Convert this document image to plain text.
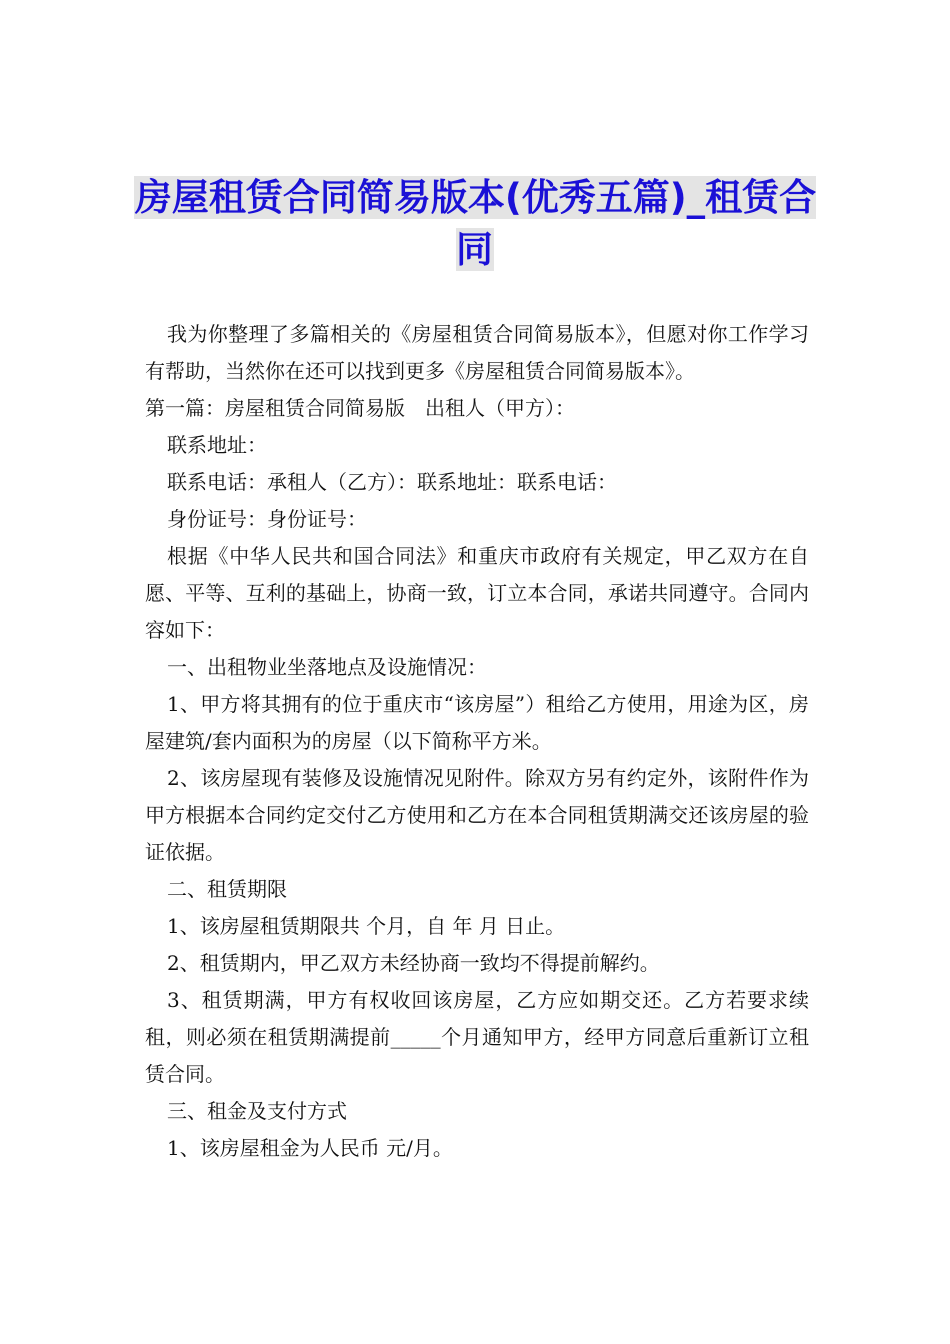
房屋租赁合同简易版本(优秀五篇)_租赁合同

我为你整理了多篇相关的《房屋租赁合同简易版本》，但愿对你工作学习有帮助，当然你在还可以找到更多《房屋租赁合同简易版本》。

第一篇：房屋租赁合同简易版　出租人（甲方）：

联系地址：

联系电话：承租人（乙方）：联系地址：联系电话：

身份证号：身份证号：

根据《中华人民共和国合同法》和重庆市政府有关规定，甲乙双方在自愿、平等、互利的基础上，协商一致，订立本合同，承诺共同遵守。合同内容如下：

一、出租物业坐落地点及设施情况：

1、甲方将其拥有的位于重庆市“该房屋”）租给乙方使用，用途为区，房屋建筑/套内面积为的房屋（以下简称平方米。

2、该房屋现有装修及设施情况见附件。除双方另有约定外，该附件作为甲方根据本合同约定交付乙方使用和乙方在本合同租赁期满交还该房屋的验证依据。

二、租赁期限

1、该房屋租赁期限共 个月，自 年 月 日止。

2、租赁期内，甲乙双方未经协商一致均不得提前解约。

3、租赁期满，甲方有权收回该房屋，乙方应如期交还。乙方若要求续租，则必须在租赁期满提前_____个月通知甲方，经甲方同意后重新订立租赁合同。

三、租金及支付方式

1、该房屋租金为人民币 元/月。
